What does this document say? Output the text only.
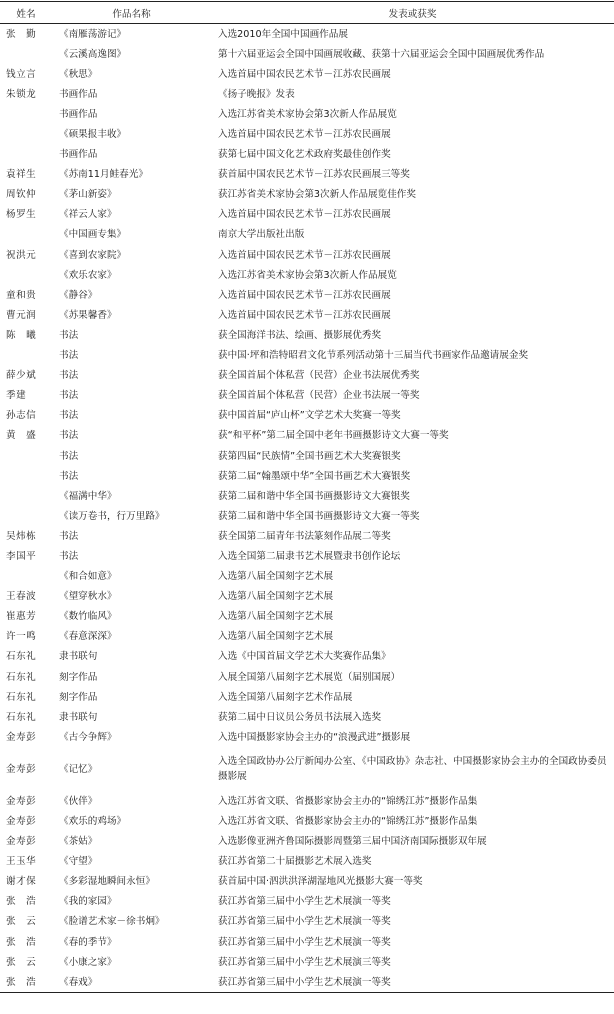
姓名	作品名称	发表或获奖
张　勤	《南雁荡游记》	入选2010年全国中国画作品展
	《云溪高逸图》	第十六届亚运会全国中国画展收藏、获第十六届亚运会全国中国画展优秀作品
钱立言	《秋思》	入选首届中国农民艺术节－江苏农民画展
朱锁龙	书画作品	《扬子晚报》发表
	书画作品	入选江苏省美术家协会第3次新人作品展览
	《硕果报丰收》	入选首届中国农民艺术节－江苏农民画展
	书画作品	获第七届中国文化艺术政府奖最佳创作奖
袁祥生	《苏南11月鲑春光》	获首届中国农民艺术节－江苏农民画展三等奖
周钦仲	《茅山新姿》	获江苏省美术家协会第3次新人作品展览佳作奖
杨罗生	《祥云人家》	入选首届中国农民艺术节－江苏农民画展
	《中国画专集》	南京大学出版社出版
祝洪元	《喜到农家院》	入选首届中国农民艺术节－江苏农民画展
	《欢乐农家》	入选江苏省美术家协会第3次新人作品展览
童和贵	《静谷》	入选首届中国农民艺术节－江苏农民画展
曹元润	《苏果馨香》	入选首届中国农民艺术节－江苏农民画展
陈　曦	书法	获全国海洋书法、绘画、摄影展优秀奖
	书法	获中国·坪和浩特昭君文化节系列活动第十三届当代书画家作品邀请展金奖
薛少斌	书法	获全国首届个体私营（民营）企业书法展优秀奖
季建	书法	获全国首届个体私营（民营）企业书法展一等奖
孙志信	书法	获中国首届“庐山杯”文学艺术大奖赛一等奖
黄　盛	书法	获“和平杯”第二届全国中老年书画摄影诗文大赛一等奖
	书法	获第四届“民族情”全国书画艺术大奖赛银奖
	书法	获第二届“翰墨颂中华”全国书画艺术大赛银奖
	《福满中华》	获第二届和谐中华全国书画摄影诗文大赛银奖
	《读万卷书，行万里路》	获第二届和谐中华全国书画摄影诗文大赛一等奖
吴炜栋	书法	获全国第二届青年书法篆刻作品展二等奖
李国平	书法	入选全国第二届隶书艺术展暨隶书创作论坛
	《和合如意》	入选第八届全国刻字艺术展
王春波	《望穿秋水》	入选第八届全国刻字艺术展
崔惠芳	《数竹临风》	入选第八届全国刻字艺术展
许一鸣	《春意深深》	入选第八届全国刻字艺术展
石东礼	隶书联句	入选《中国首届文学艺术大奖赛作品集》
石东礼	刻字作品	入展全国第八届刻字艺术展览（届别国展）
石东礼	刻字作品	入选全国第八届刻字艺术作品展
石东礼	隶书联句	获第二届中日议员公务员书法展入选奖
金寿彭	《古今争辉》	入选中国摄影家协会主办的“浪漫武进”摄影展
金寿彭	《记忆》	入选全国政协办公厅新闻办公室、《中国政协》杂志社、中国摄影家协会主办的全国政协委员摄影展
金寿彭	《伙伴》	入选江苏省文联、省摄影家协会主办的“锦绣江苏”摄影作品集
金寿彭	《欢乐的鸡场》	入选江苏省文联、省摄影家协会主办的“锦绣江苏”摄影作品集
金寿彭	《茶姑》	入选影像亚洲齐鲁国际摄影周暨第三届中国济南国际摄影双年展
王玉华	《守望》	获江苏省第二十届摄影艺术展入选奖
谢才保	《多彩湿地瞬间永恒》	获首届中国·泗洪洪泽湖湿地风光摄影大赛一等奖
张　浩	《我的家园》	获江苏省第三届中小学生艺术展演一等奖
张　云	《脸谱艺术家－徐书炯》	获江苏省第三届中小学生艺术展演一等奖
张　浩	《春的季节》	获江苏省第三届中小学生艺术展演一等奖
张　云	《小康之家》	获江苏省第三届中小学生艺术展演三等奖
张　浩	《春戏》	获江苏省第三届中小学生艺术展演一等奖
